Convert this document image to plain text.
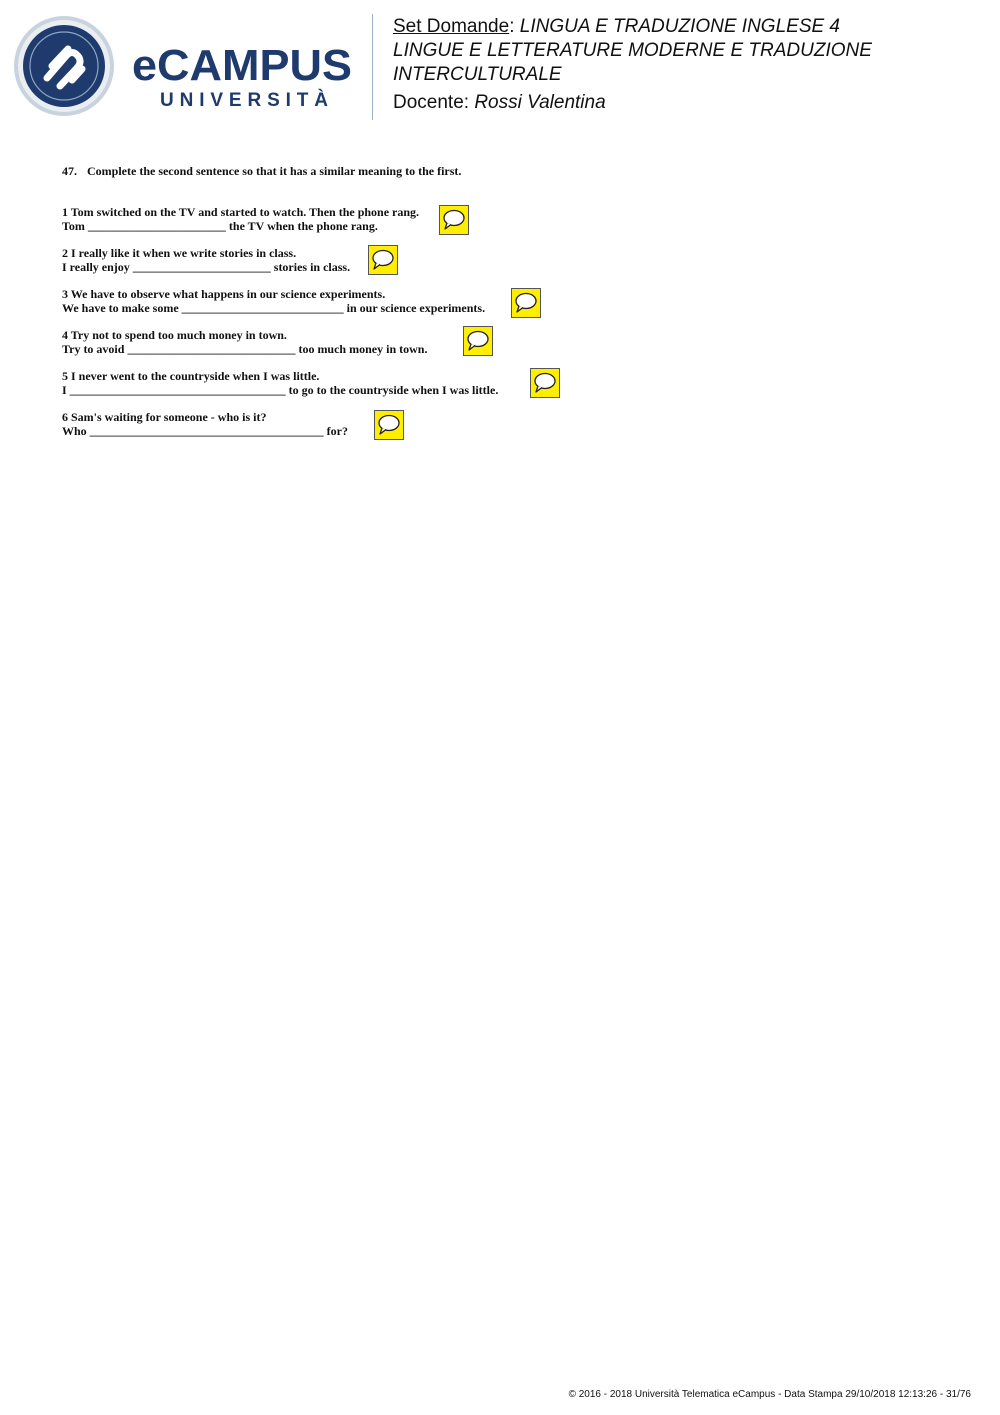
eCAMPUS
UNIVERSITÀ
Set Domande: LINGUA E TRADUZIONE INGLESE 4
LINGUE E LETTERATURE MODERNE E TRADUZIONE INTERCULTURALE
Docente: Rossi Valentina
47. Complete the second sentence so that it has a similar meaning to the first.
1 Tom switched on the TV and started to watch. Then the phone rang.
Tom _______________________ the TV when the phone rang.
2 I really like it when we write stories in class.
I really enjoy _______________________ stories in class.
3 We have to observe what happens in our science experiments.
We have to make some ___________________________ in our science experiments.
4 Try not to spend too much money in town.
Try to avoid ____________________________ too much money in town.
5 I never went to the countryside when I was little.
I ____________________________________ to go to the countryside when I was little.
6 Sam's waiting for someone - who is it?
Who _______________________________________ for?
© 2016 - 2018 Università Telematica eCampus - Data Stampa 29/10/2018 12:13:26 - 31/76
